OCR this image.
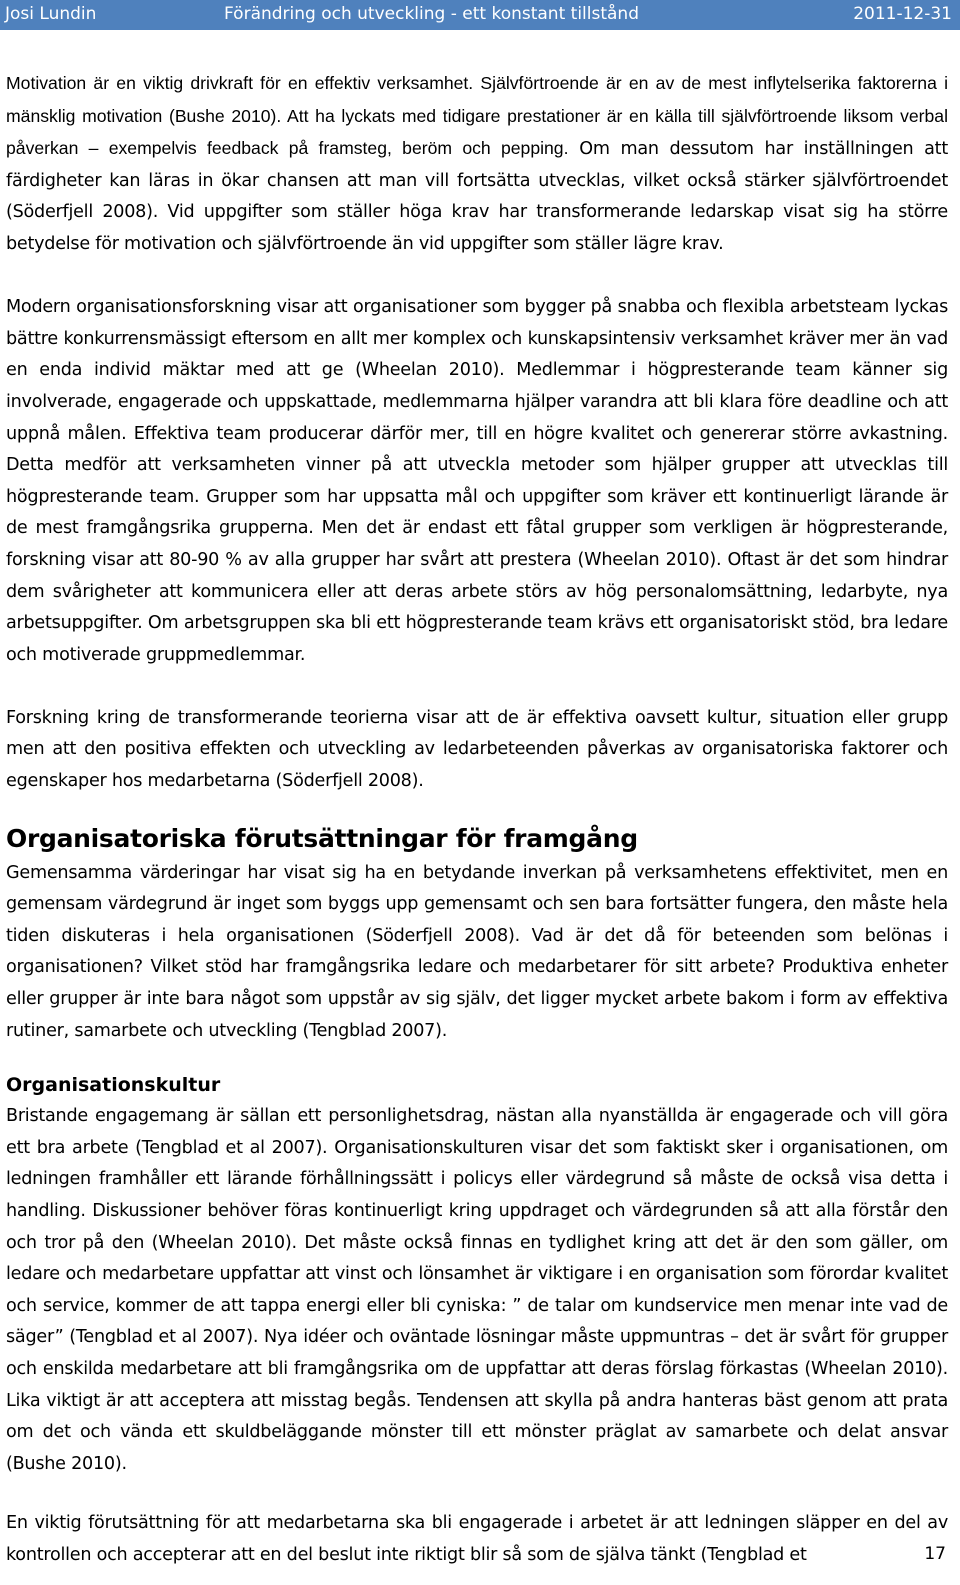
Josi Lundin	Förändring och utveckling - ett konstant tillstånd	2011-12-31

Motivation är en viktig drivkraft för en effektiv verksamhet. Självförtroende är en av de mest inflytelserika faktorerna i mänsklig motivation (Bushe 2010). Att ha lyckats med tidigare prestationer är en källa till självförtroende liksom verbal påverkan – exempelvis feedback på framsteg, beröm och pepping. Om man dessutom har inställningen att färdigheter kan läras in ökar chansen att man vill fortsätta utvecklas, vilket också stärker självförtroendet (Söderfjell 2008). Vid uppgifter som ställer höga krav har transformerande ledarskap visat sig ha större betydelse för motivation och självförtroende än vid uppgifter som ställer lägre krav.

Modern organisationsforskning visar att organisationer som bygger på snabba och flexibla arbetsteam lyckas bättre konkurrensmässigt eftersom en allt mer komplex och kunskapsintensiv verksamhet kräver mer än vad en enda individ mäktar med att ge (Wheelan 2010). Medlemmar i högpresterande team känner sig involverade, engagerade och uppskattade, medlemmarna hjälper varandra att bli klara före deadline och att uppnå målen. Effektiva team producerar därför mer, till en högre kvalitet och genererar större avkastning. Detta medför att verksamheten vinner på att utveckla metoder som hjälper grupper att utvecklas till högpresterande team. Grupper som har uppsatta mål och uppgifter som kräver ett kontinuerligt lärande är de mest framgångsrika grupperna. Men det är endast ett fåtal grupper som verkligen är högpresterande, forskning visar att 80-90 % av alla grupper har svårt att prestera (Wheelan 2010). Oftast är det som hindrar dem svårigheter att kommunicera eller att deras arbete störs av hög personalomsättning, ledarbyte, nya arbetsuppgifter. Om arbetsgruppen ska bli ett högpresterande team krävs ett organisatoriskt stöd, bra ledare och motiverade gruppmedlemmar.

Forskning kring de transformerande teorierna visar att de är effektiva oavsett kultur, situation eller grupp men att den positiva effekten och utveckling av ledarbeteenden påverkas av organisatoriska faktorer och egenskaper hos medarbetarna (Söderfjell 2008).

Organisatoriska förutsättningar för framgång

Gemensamma värderingar har visat sig ha en betydande inverkan på verksamhetens effektivitet, men en gemensam värdegrund är inget som byggs upp gemensamt och sen bara fortsätter fungera, den måste hela tiden diskuteras i hela organisationen (Söderfjell 2008). Vad är det då för beteenden som belönas i organisationen? Vilket stöd har framgångsrika ledare och medarbetarer för sitt arbete? Produktiva enheter eller grupper är inte bara något som uppstår av sig själv, det ligger mycket arbete bakom i form av effektiva rutiner, samarbete och utveckling (Tengblad 2007).

Organisationskultur

Bristande engagemang är sällan ett personlighetsdrag, nästan alla nyanställda är engagerade och vill göra ett bra arbete (Tengblad et al 2007). Organisationskulturen visar det som faktiskt sker i organisationen, om ledningen framhåller ett lärande förhållningssätt i policys eller värdegrund så måste de också visa detta i handling. Diskussioner behöver föras kontinuerligt kring uppdraget och värdegrunden så att alla förstår den och tror på den (Wheelan 2010). Det måste också finnas en tydlighet kring att det är den som gäller, om ledare och medarbetare uppfattar att vinst och lönsamhet är viktigare i en organisation som förordar kvalitet och service, kommer de att tappa energi eller bli cyniska: ” de talar om kundservice men menar inte vad de säger” (Tengblad et al 2007). Nya idéer och oväntade lösningar måste uppmuntras – det är svårt för grupper och enskilda medarbetare att bli framgångsrika om de uppfattar att deras förslag förkastas (Wheelan 2010). Lika viktigt är att acceptera att misstag begås. Tendensen att skylla på andra hanteras bäst genom att prata om det och vända ett skuldbeläggande mönster till ett mönster präglat av samarbete och delat ansvar (Bushe 2010).

En viktig förutsättning för att medarbetarna ska bli engagerade i arbetet är att ledningen släpper en del av kontrollen och accepterar att en del beslut inte riktigt blir så som de själva tänkt (Tengblad et	17
